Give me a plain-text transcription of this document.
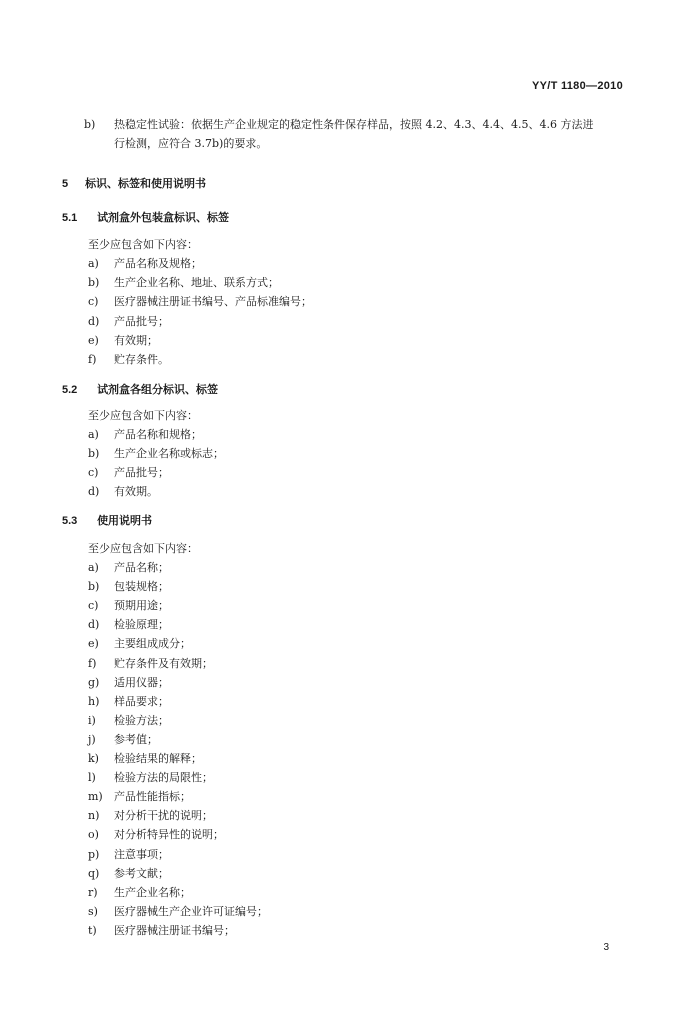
YY/T 1180—2010
b)	热稳定性试验：依据生产企业规定的稳定性条件保存样品，按照 4.2、4.3、4.4、4.5、4.6 方法进
行检测，应符合 3.7b)的要求。
5 标识、标签和使用说明书
5.1 试剂盒外包装盒标识、标签
至少应包含如下内容：
a)	产品名称及规格；
b)	生产企业名称、地址、联系方式；
c)	医疗器械注册证书编号、产品标准编号；
d)	产品批号；
e)	有效期；
f)	贮存条件。
5.2 试剂盒各组分标识、标签
至少应包含如下内容：
a)	产品名称和规格；
b)	生产企业名称或标志；
c)	产品批号；
d)	有效期。
5.3 使用说明书
至少应包含如下内容：
a)	产品名称；
b)	包装规格；
c)	预期用途；
d)	检验原理；
e)	主要组成成分；
f)	贮存条件及有效期；
g)	适用仪器；
h)	样品要求；
i)	检验方法；
j)	参考值；
k)	检验结果的解释；
l)	检验方法的局限性；
m)	产品性能指标；
n)	对分析干扰的说明；
o)	对分析特异性的说明；
p)	注意事项；
q)	参考文献；
r)	生产企业名称；
s)	医疗器械生产企业许可证编号；
t)	医疗器械注册证书编号；
3
